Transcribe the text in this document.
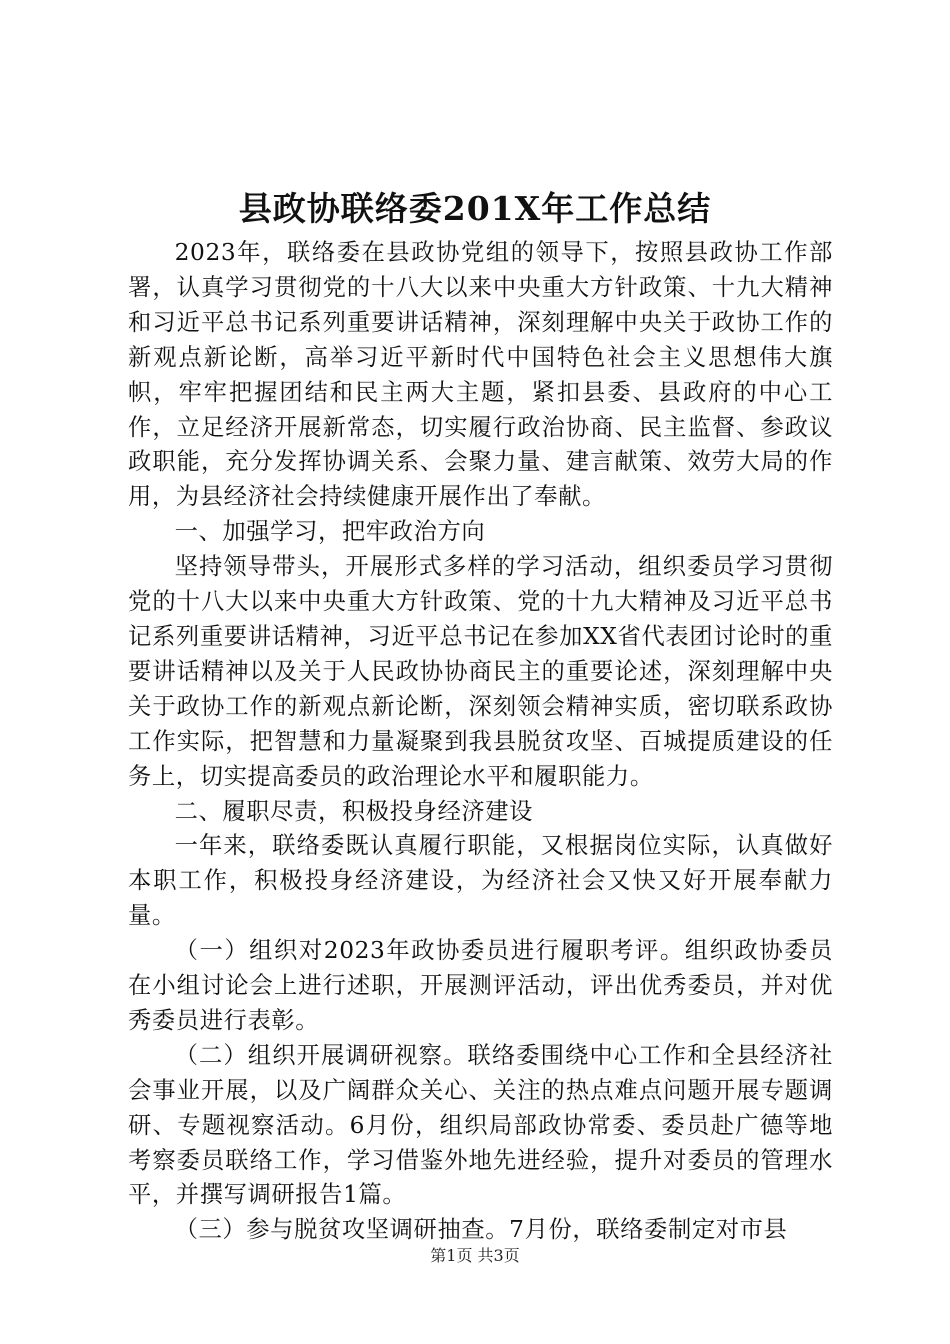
县政协联络委201X年工作总结

2023年，联络委在县政协党组的领导下，按照县政协工作部署，认真学习贯彻党的十八大以来中央重大方针政策、十九大精神和习近平总书记系列重要讲话精神，深刻理解中央关于政协工作的新观点新论断，高举习近平新时代中国特色社会主义思想伟大旗帜，牢牢把握团结和民主两大主题，紧扣县委、县政府的中心工作，立足经济开展新常态，切实履行政治协商、民主监督、参政议政职能，充分发挥协调关系、会聚力量、建言献策、效劳大局的作用，为县经济社会持续健康开展作出了奉献。

一、加强学习，把牢政治方向

坚持领导带头，开展形式多样的学习活动，组织委员学习贯彻党的十八大以来中央重大方针政策、党的十九大精神及习近平总书记系列重要讲话精神，习近平总书记在参加XX省代表团讨论时的重要讲话精神以及关于人民政协协商民主的重要论述，深刻理解中央关于政协工作的新观点新论断，深刻领会精神实质，密切联系政协工作实际，把智慧和力量凝聚到我县脱贫攻坚、百城提质建设的任务上，切实提高委员的政治理论水平和履职能力。

二、履职尽责，积极投身经济建设

一年来，联络委既认真履行职能，又根据岗位实际，认真做好本职工作，积极投身经济建设，为经济社会又快又好开展奉献力量。

（一）组织对2023年政协委员进行履职考评。组织政协委员在小组讨论会上进行述职，开展测评活动，评出优秀委员，并对优秀委员进行表彰。

（二）组织开展调研视察。联络委围绕中心工作和全县经济社会事业开展，以及广阔群众关心、关注的热点难点问题开展专题调研、专题视察活动。6月份，组织局部政协常委、委员赴广德等地考察委员联络工作，学习借鉴外地先进经验，提升对委员的管理水平，并撰写调研报告1篇。

（三）参与脱贫攻坚调研抽查。7月份，联络委制定对市县

第1页 共3页
